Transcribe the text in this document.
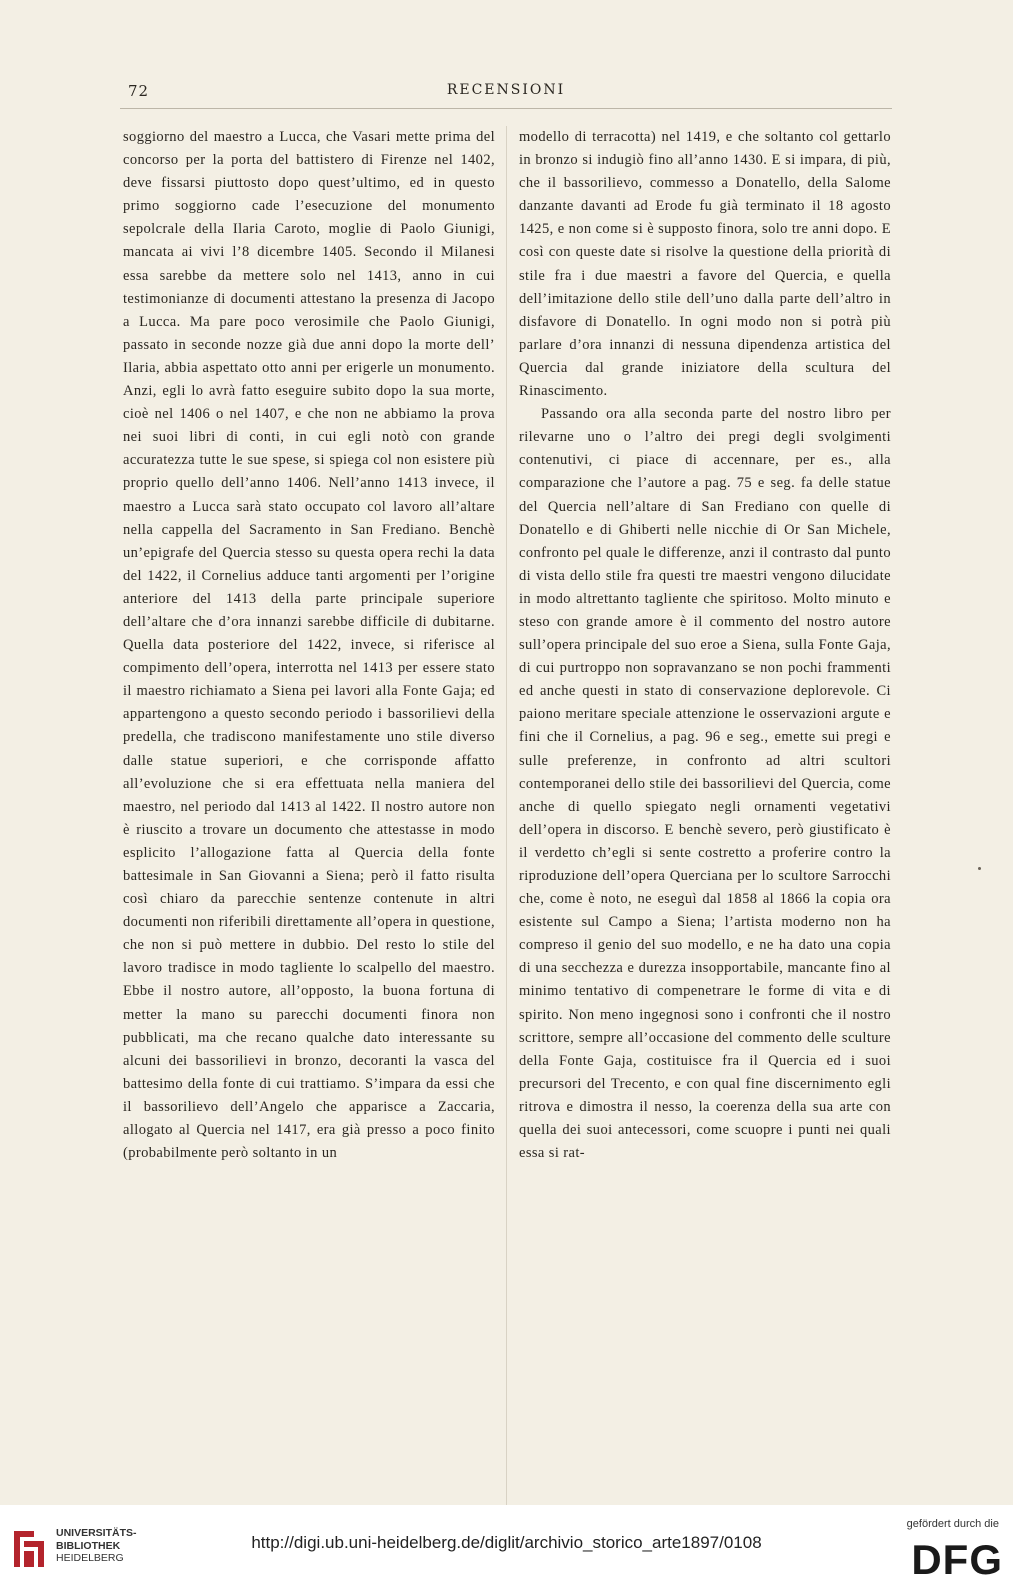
72	RECENSIONI

soggiorno del maestro a Lucca, che Vasari mette prima del concorso per la porta del battistero di Firenze nel 1402, deve fissarsi piuttosto dopo quest’ultimo, ed in questo primo soggiorno cade l’esecuzione del monumento sepolcrale della Ilaria Caroto, moglie di Paolo Giunigi, mancata ai vivi l’8 dicembre 1405. Secondo il Milanesi essa sarebbe da mettere solo nel 1413, anno in cui testimonianze di documenti attestano la presenza di Jacopo a Lucca. Ma pare poco verosimile che Paolo Giunigi, passato in seconde nozze già due anni dopo la morte dell’ Ilaria, abbia aspettato otto anni per erigerle un monumento. Anzi, egli lo avrà fatto eseguire subito dopo la sua morte, cioè nel 1406 o nel 1407, e che non ne abbiamo la prova nei suoi libri di conti, in cui egli notò con grande accuratezza tutte le sue spese, si spiega col non esistere più proprio quello dell’anno 1406. Nell’anno 1413 invece, il maestro a Lucca sarà stato occupato col lavoro all’altare nella cappella del Sacramento in San Frediano. Benchè un’epigrafe del Quercia stesso su questa opera rechi la data del 1422, il Cornelius adduce tanti argomenti per l’origine anteriore del 1413 della parte principale superiore dell’altare che d’ora innanzi sarebbe difficile di dubitarne. Quella data posteriore del 1422, invece, si riferisce al compimento dell’opera, interrotta nel 1413 per essere stato il maestro richiamato a Siena pei lavori alla Fonte Gaja; ed appartengono a questo secondo periodo i bassorilievi della predella, che tradiscono manifestamente uno stile diverso dalle statue superiori, e che corrisponde affatto all’evoluzione che si era effettuata nella maniera del maestro, nel periodo dal 1413 al 1422. Il nostro autore non è riuscito a trovare un documento che attestasse in modo esplicito l’allogazione fatta al Quercia della fonte battesimale in San Giovanni a Siena; però il fatto risulta così chiaro da parecchie sentenze contenute in altri documenti non riferibili direttamente all’opera in questione, che non si può mettere in dubbio. Del resto lo stile del lavoro tradisce in modo tagliente lo scalpello del maestro. Ebbe il nostro autore, all’opposto, la buona fortuna di metter la mano su parecchi documenti finora non pubblicati, ma che recano qualche dato interessante su alcuni dei bassorilievi in bronzo, decoranti la vasca del battesimo della fonte di cui trattiamo. S’impara da essi che il bassorilievo dell’Angelo che apparisce a Zaccaria, allogato al Quercia nel 1417, era già presso a poco finito (probabilmente però soltanto in un

modello di terracotta) nel 1419, e che soltanto col gettarlo in bronzo si indugiò fino all’anno 1430. E si impara, di più, che il bassorilievo, commesso a Donatello, della Salome danzante davanti ad Erode fu già terminato il 18 agosto 1425, e non come si è supposto finora, solo tre anni dopo. E così con queste date si risolve la questione della priorità di stile fra i due maestri a favore del Quercia, e quella dell’imitazione dello stile dell’uno dalla parte dell’altro in disfavore di Donatello. In ogni modo non si potrà più parlare d’ora innanzi di nessuna dipendenza artistica del Quercia dal grande iniziatore della scultura del Rinascimento.

Passando ora alla seconda parte del nostro libro per rilevarne uno o l’altro dei pregi degli svolgimenti contenutivi, ci piace di accennare, per es., alla comparazione che l’autore a pag. 75 e seg. fa delle statue del Quercia nell’altare di San Frediano con quelle di Donatello e di Ghiberti nelle nicchie di Or San Michele, confronto pel quale le differenze, anzi il contrasto dal punto di vista dello stile fra questi tre maestri vengono dilucidate in modo altrettanto tagliente che spiritoso. Molto minuto e steso con grande amore è il commento del nostro autore sull’opera principale del suo eroe a Siena, sulla Fonte Gaja, di cui purtroppo non sopravanzano se non pochi frammenti ed anche questi in stato di conservazione deplorevole. Ci paiono meritare speciale attenzione le osservazioni argute e fini che il Cornelius, a pag. 96 e seg., emette sui pregi e sulle preferenze, in confronto ad altri scultori contemporanei dello stile dei bassorilievi del Quercia, come anche di quello spiegato negli ornamenti vegetativi dell’opera in discorso. E benchè severo, però giustificato è il verdetto ch’egli si sente costretto a proferire contro la riproduzione dell’opera Querciana per lo scultore Sarrocchi che, come è noto, ne eseguì dal 1858 al 1866 la copia ora esistente sul Campo a Siena; l’artista moderno non ha compreso il genio del suo modello, e ne ha dato una copia di una secchezza e durezza insopportabile, mancante fino al minimo tentativo di compenetrare le forme di vita e di spirito. Non meno ingegnosi sono i confronti che il nostro scrittore, sempre all’occasione del commento delle sculture della Fonte Gaja, costituisce fra il Quercia ed i suoi precursori del Trecento, e con qual fine discernimento egli ritrova e dimostra il nesso, la coerenza della sua arte con quella dei suoi antecessori, come scuopre i punti nei quali essa si rat-

UNIVERSITÄTS-
BIBLIOTHEK
HEIDELBERG
http://digi.ub.uni-heidelberg.de/diglit/archivio_storico_arte1897/0108
gefördert durch die
DFG
